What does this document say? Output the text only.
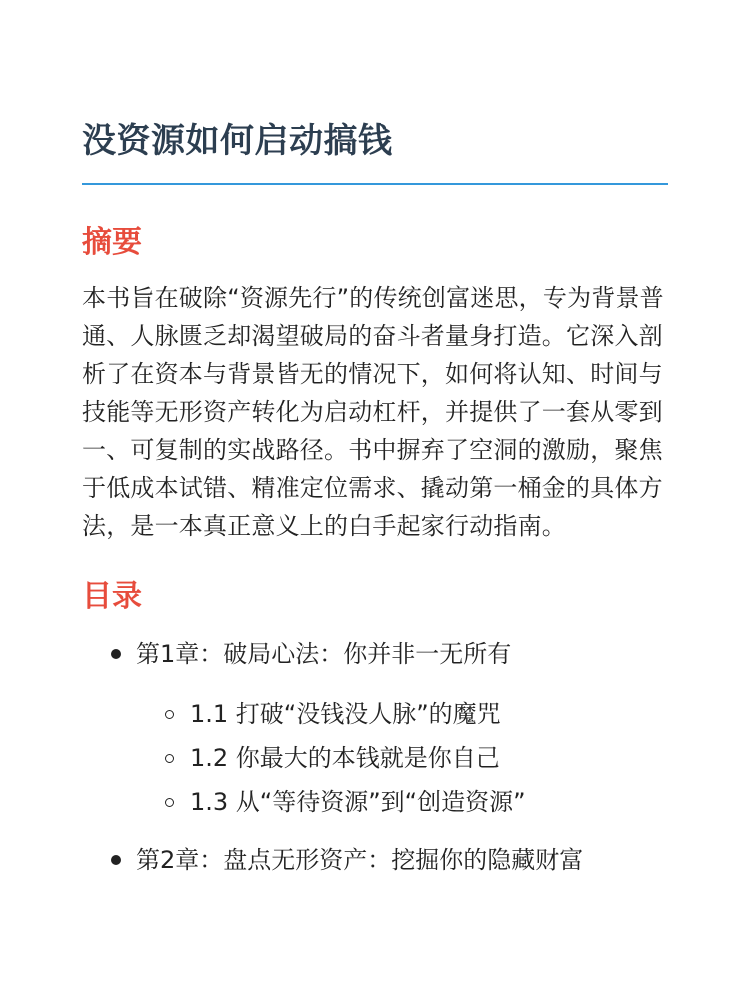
没资源如何启动搞钱
摘要

本书旨在破除“资源先行”的传统创富迷思，专为背景普通、人脉匮乏却渴望破局的奋斗者量身打造。它深入剖析了在资本与背景皆无的情况下，如何将认知、时间与技能等无形资产转化为启动杠杆，并提供了一套从零到一、可复制的实战路径。书中摒弃了空洞的激励，聚焦于低成本试错、精准定位需求、撬动第一桶金的具体方法，是一本真正意义上的白手起家行动指南。

目录
第1章：破局心法：你并非一无所有
1.1 打破“没钱没人脉”的魔咒
1.2 你最大的本钱就是你自己
1.3 从“等待资源”到“创造资源”
第2章：盘点无形资产：挖掘你的隐藏财富
